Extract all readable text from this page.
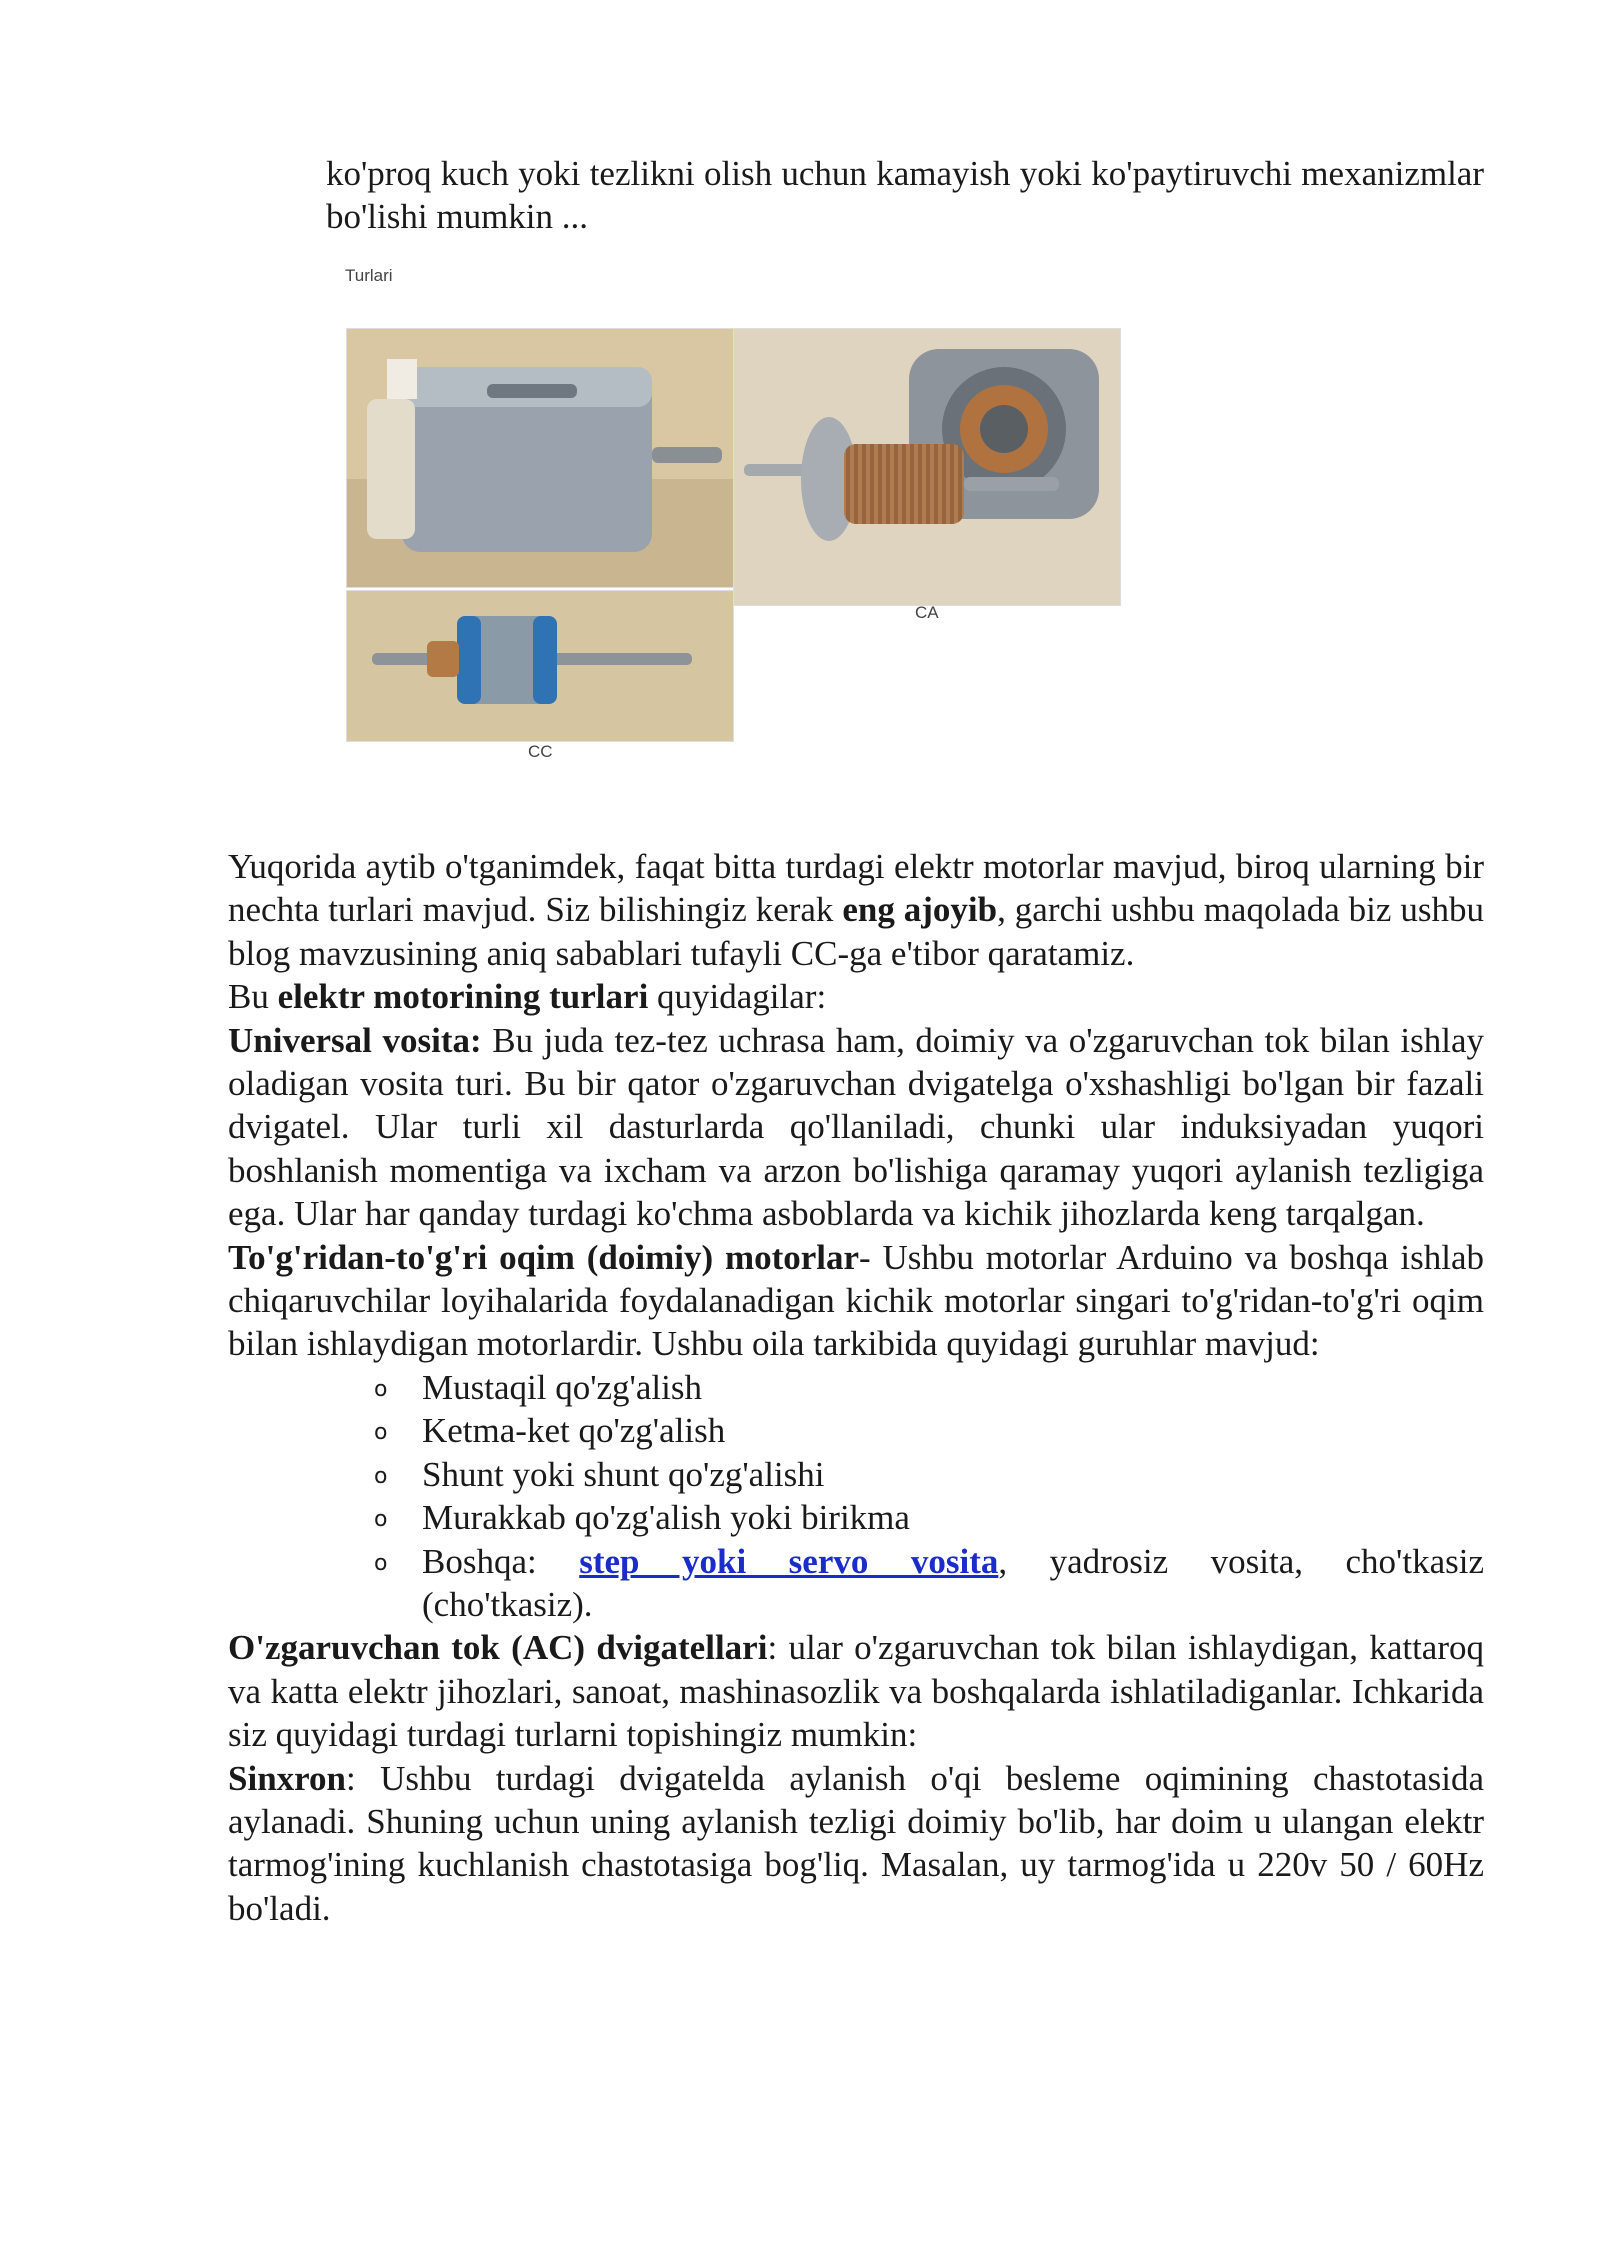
ko'proq kuch yoki tezlikni olish uchun kamayish yoki ko'paytiruvchi mexanizmlar bo'lishi mumkin ...
Turlari
CA
CC
Yuqorida aytib o'tganimdek, faqat bitta turdagi elektr motorlar mavjud, biroq ularning bir nechta turlari mavjud. Siz bilishingiz kerak eng ajoyib, garchi ushbu maqolada biz ushbu blog mavzusining aniq sabablari tufayli CC-ga e'tibor qaratamiz.
Bu elektr motorining turlari quyidagilar:
Universal vosita: Bu juda tez-tez uchrasa ham, doimiy va o'zgaruvchan tok bilan ishlay oladigan vosita turi. Bu bir qator o'zgaruvchan dvigatelga o'xshashligi bo'lgan bir fazali dvigatel. Ular turli xil dasturlarda qo'llaniladi, chunki ular induksiyadan yuqori boshlanish momentiga va ixcham va arzon bo'lishiga qaramay yuqori aylanish tezligiga ega. Ular har qanday turdagi ko'chma asboblarda va kichik jihozlarda keng tarqalgan.
To'g'ridan-to'g'ri oqim (doimiy) motorlar- Ushbu motorlar Arduino va boshqa ishlab chiqaruvchilar loyihalarida foydalanadigan kichik motorlar singari to'g'ridan-to'g'ri oqim bilan ishlaydigan motorlardir. Ushbu oila tarkibida quyidagi guruhlar mavjud:
o Mustaqil qo'zg'alish
o Ketma-ket qo'zg'alish
o Shunt yoki shunt qo'zg'alishi
o Murakkab qo'zg'alish yoki birikma
o Boshqa: step yoki servo vosita, yadrosiz vosita, cho'tkasiz (cho'tkasiz).
O'zgaruvchan tok (AC) dvigatellari: ular o'zgaruvchan tok bilan ishlaydigan, kattaroq va katta elektr jihozlari, sanoat, mashinasozlik va boshqalarda ishlatiladiganlar. Ichkarida siz quyidagi turdagi turlarni topishingiz mumkin:
Sinxron: Ushbu turdagi dvigatelda aylanish o'qi besleme oqimining chastotasida aylanadi. Shuning uchun uning aylanish tezligi doimiy bo'lib, har doim u ulangan elektr tarmog'ining kuchlanish chastotasiga bog'liq. Masalan, uy tarmog'ida u 220v 50 / 60Hz bo'ladi.
